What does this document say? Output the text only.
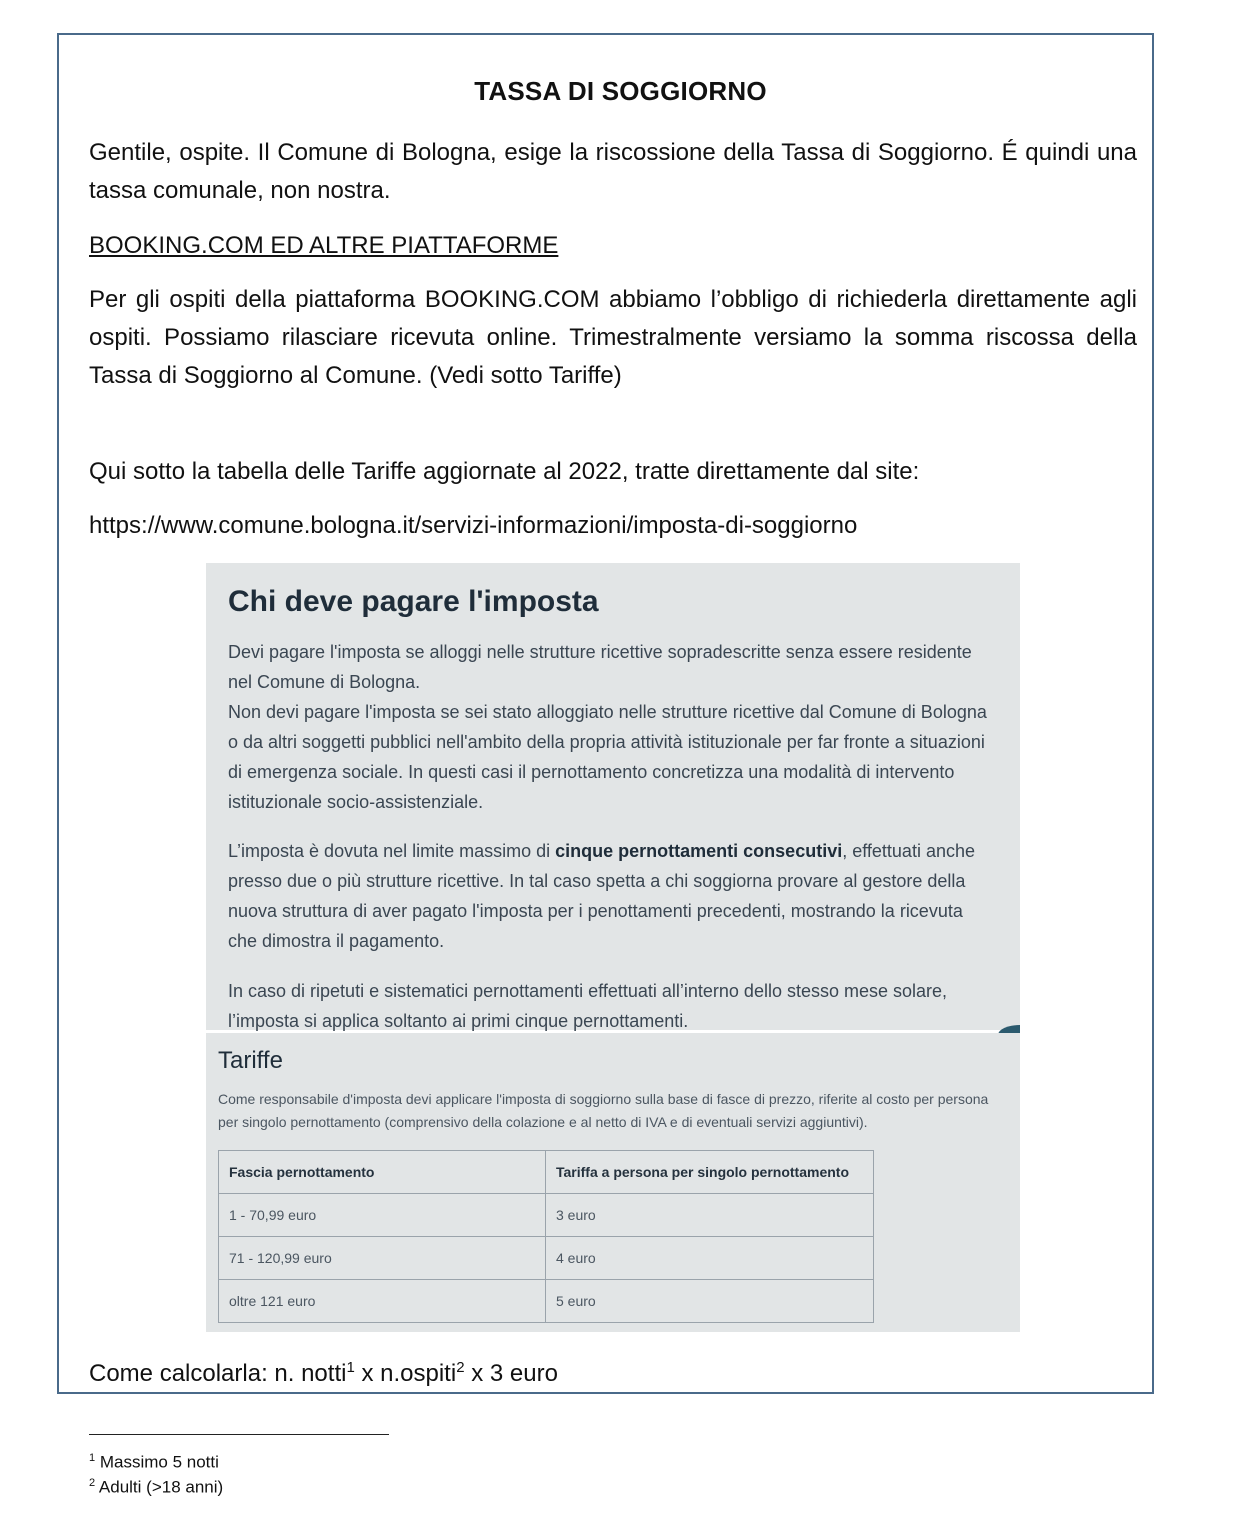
TASSA DI SOGGIORNO
Gentile, ospite. Il Comune di Bologna, esige la riscossione della Tassa di Soggiorno. É quindi una tassa comunale, non nostra.
BOOKING.COM ED ALTRE PIATTAFORME
Per gli ospiti della piattaforma BOOKING.COM abbiamo l’obbligo di richiederla direttamente agli ospiti. Possiamo rilasciare ricevuta online. Trimestralmente versiamo la somma riscossa della Tassa di Soggiorno al Comune. (Vedi sotto Tariffe)
Qui sotto la tabella delle Tariffe aggiornate al 2022, tratte direttamente dal site:
https://www.comune.bologna.it/servizi-informazioni/imposta-di-soggiorno
Chi deve pagare l'imposta
Devi pagare l'imposta se alloggi nelle strutture ricettive sopradescritte senza essere residente nel Comune di Bologna.
Non devi pagare l'imposta se sei stato alloggiato nelle strutture ricettive dal Comune di Bologna o da altri soggetti pubblici nell'ambito della propria attività istituzionale per far fronte a situazioni di emergenza sociale. In questi casi il pernottamento concretizza una modalità di intervento istituzionale socio-assistenziale.
L’imposta è dovuta nel limite massimo di cinque pernottamenti consecutivi, effettuati anche presso due o più strutture ricettive. In tal caso spetta a chi soggiorna provare al gestore della nuova struttura di aver pagato l'imposta per i penottamenti precedenti, mostrando la ricevuta che dimostra il pagamento.
In caso di ripetuti e sistematici pernottamenti effettuati all’interno dello stesso mese solare, l’imposta si applica soltanto ai primi cinque pernottamenti.
Tariffe
Come responsabile d'imposta devi applicare l'imposta di soggiorno sulla base di fasce di prezzo, riferite al costo per persona per singolo pernottamento (comprensivo della colazione e al netto di IVA e di eventuali servizi aggiuntivi).
Fascia pernottamento	Tariffa a persona per singolo pernottamento
1 - 70,99 euro	3 euro
71 - 120,99 euro	4 euro
oltre 121 euro	5 euro
Come calcolarla: n. notti$^1$ x n.ospiti$^2$ x 3 euro
$^1$ Massimo 5 notti
$^2$ Adulti (>18 anni)
